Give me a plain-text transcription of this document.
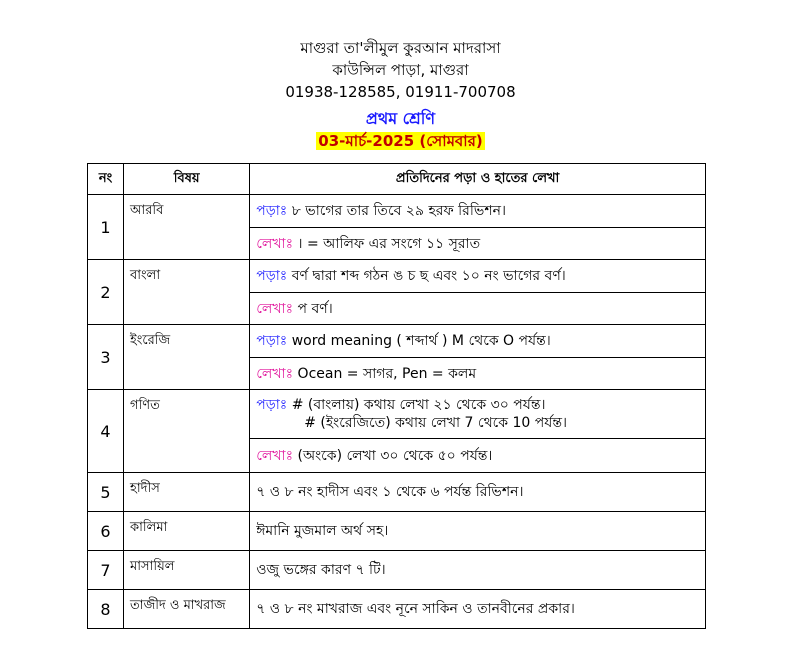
মাগুরা তা'লীমুল কুরআন মাদরাসা
কাউন্সিল পাড়া, মাগুরা
01938-128585, 01911-700708
প্রথম শ্রেণি
03-মার্চ-2025 (সোমবার)
নং	বিষয়	প্রতিদিনের পড়া ও হাতের লেখা
1	আরবি	পড়াঃ ৮ ভাগের তার তিবে ২৯ হরফ রিভিশন।
		লেখাঃ । = আলিফ এর সংগে ১১ সূরাত
2	বাংলা	পড়াঃ বর্ণ দ্বারা শব্দ গঠন ঙ চ ছ এবং ১০ নং ভাগের বর্ণ।
		লেখাঃ প বর্ণ।
3	ইংরেজি	পড়াঃ word meaning ( শব্দার্থ ) M থেকে O পর্যন্ত।
		লেখাঃ Ocean = সাগর, Pen = কলম
4	গণিত	পড়াঃ # (বাংলায়) কথায় লেখা ২১ থেকে ৩০ পর্যন্ত।
# (ইংরেজিতে) কথায় লেখা 7 থেকে 10 পর্যন্ত।

		লেখাঃ (অংকে) লেখা ৩০ থেকে ৫০ পর্যন্ত।
5	হাদীস	৭ ও ৮ নং হাদীস এবং ১ থেকে ৬ পর্যন্ত রিভিশন।
6	কালিমা	ঈমানি মুজমাল অর্থ সহ।
7	মাসায়িল	ওজু ভঙ্গের কারণ ৭ টি।
8	তাজীদ ও মাখরাজ	৭ ও ৮ নং মাখরাজ এবং নূনে সাকিন ও তানবীনের প্রকার।
